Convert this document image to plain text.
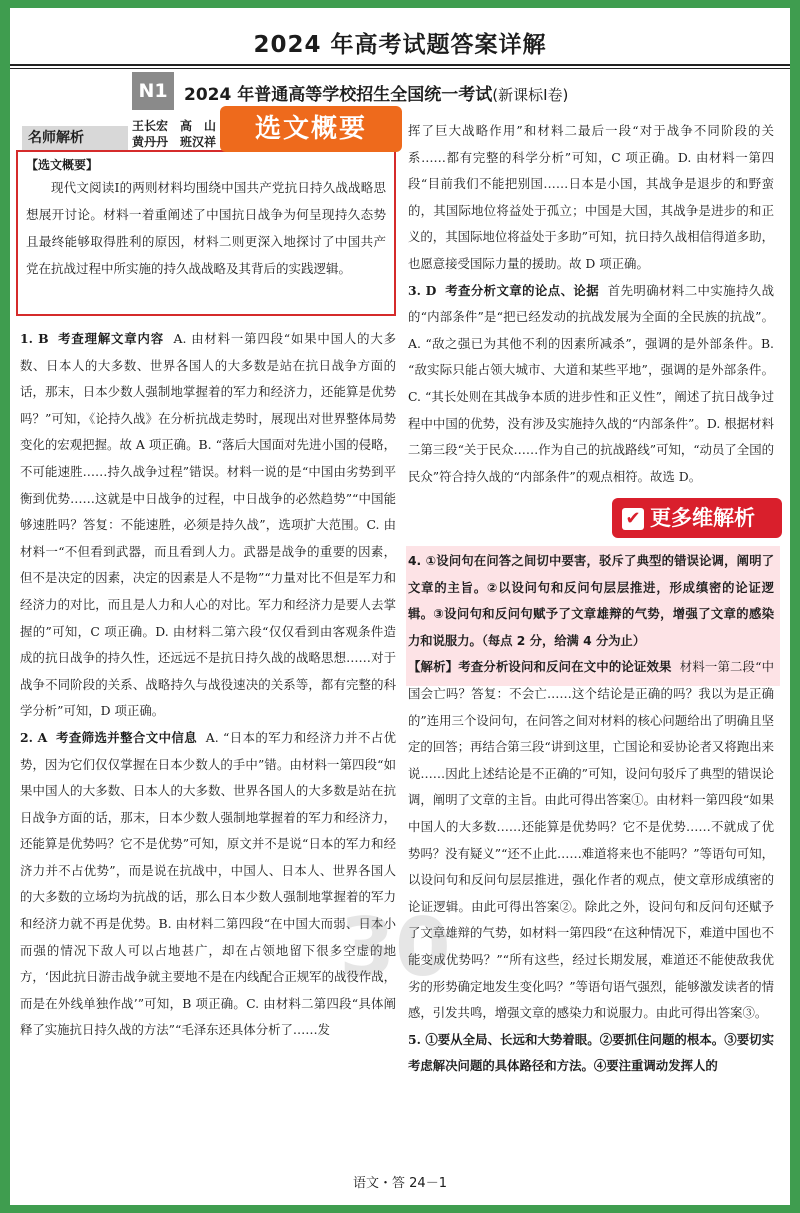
2024 年高考试题答案详解
N1 2024 年普通高等学校招生全国统一考试(新课标Ⅰ卷)
名师解析
王长宏　高　山
黄丹丹　班汉祥
【选文概要】
现代文阅读Ⅰ的两则材料均围绕中国共产党抗日持久战战略思想展开讨论。材料一着重阐述了中国抗日战争为何呈现持久态势且最终能够取得胜利的原因，材料二则更深入地探讨了中国共产党在抗战过程中所实施的持久战战略及其背后的实践逻辑。
选文概要

1. B 考查理解文章内容 A. 由材料一第四段“如果中国人的大多数、日本人的大多数、世界各国人的大多数是站在抗日战争方面的话，那末，日本少数人强制地掌握着的军力和经济力，还能算是优势吗？”可知，《论持久战》在分析抗战走势时，展现出对世界整体局势变化的宏观把握。故 A 项正确。B. “落后大国面对先进小国的侵略，不可能速胜……持久战争过程”错误。材料一说的是“中国由劣势到平衡到优势……这就是中日战争的过程，中日战争的必然趋势”“中国能够速胜吗？答复：不能速胜，必须是持久战”，选项扩大范围。C. 由材料一“不但看到武器，而且看到人力。武器是战争的重要的因素，但不是决定的因素，决定的因素是人不是物”“力量对比不但是军力和经济力的对比，而且是人力和人心的对比。军力和经济力是要人去掌握的”可知，C 项正确。D. 由材料二第六段“仅仅看到由客观条件造成的抗日战争的持久性，还远远不是抗日持久战的战略思想……对于战争不同阶段的关系、战略持久与战役速决的关系等，都有完整的科学分析”可知，D 项正确。

2. A 考查筛选并整合文中信息 A. “日本的军力和经济力并不占优势，因为它们仅仅掌握在日本少数人的手中”错。由材料一第四段“如果中国人的大多数、日本人的大多数、世界各国人的大多数是站在抗日战争方面的话，那末，日本少数人强制地掌握着的军力和经济力，还能算是优势吗？它不是优势”可知，原文并不是说“日本的军力和经济力并不占优势”，而是说在抗战中，中国人、日本人、世界各国人的大多数的立场均为抗战的话，那么日本少数人强制地掌握着的军力和经济力就不再是优势。B. 由材料二第四段“在中国大而弱、日本小而强的情况下敌人可以占地甚广，却在占领地留下很多空虚的地方，‘因此抗日游击战争就主要地不是在内线配合正规军的战役作战，而是在外线单独作战’”可知，B 项正确。C. 由材料二第四段“具体阐释了实施抗日持久战的方法”“毛泽东还具体分析了……发

挥了巨大战略作用”和材料二最后一段“对于战争不同阶段的关系……都有完整的科学分析”可知，C 项正确。D. 由材料一第四段“目前我们不能把别国……日本是小国，其战争是退步的和野蛮的，其国际地位将益处于孤立；中国是大国，其战争是进步的和正义的，其国际地位将益处于多助”可知，抗日持久战相信得道多助，也愿意接受国际力量的援助。故 D 项正确。

3. D 考查分析文章的论点、论据 首先明确材料二中实施持久战的“内部条件”是“把已经发动的抗战发展为全面的全民族的抗战”。A. “敌之强已为其他不利的因素所减杀”，强调的是外部条件。B. “敌实际只能占领大城市、大道和某些平地”，强调的是外部条件。C. “其长处则在其战争本质的进步性和正义性”，阐述了抗日战争过程中中国的优势，没有涉及实施持久战的“内部条件”。D. 根据材料二第三段“关于民众……作为自己的抗战路线”可知，“动员了全国的民众”符合持久战的“内部条件”的观点相符。故选 D。

4. ①设问句在问答之间切中要害，驳斥了典型的错误论调，阐明了文章的主旨。②以设问句和反问句层层推进，形成缜密的论证逻辑。③设问句和反问句赋予了文章雄辩的气势，增强了文章的感染力和说服力。（每点 2 分，给满 4 分为止）

【解析】考查分析设问和反问在文中的论证效果 材料一第二段“中国会亡吗？答复：不会亡……这个结论是正确的吗？我以为是正确的”连用三个设问句，在问答之间对材料的核心问题给出了明确且坚定的回答；再结合第三段“讲到这里，亡国论和妥协论者又将跑出来说……因此上述结论是不正确的”可知，设问句驳斥了典型的错误论调，阐明了文章的主旨。由此可得出答案①。由材料一第四段“如果中国人的大多数……还能算是优势吗？它不是优势……不就成了优势吗？没有疑义”“还不止此……难道将来也不能吗？”等语句可知，以设问句和反问句层层推进，强化作者的观点，使文章形成缜密的论证逻辑。由此可得出答案②。除此之外，设问句和反问句还赋予了文章雄辩的气势，如材料一第四段“在这种情况下，难道中国也不能变成优势吗？”“所有这些，经过长期发展，难道还不能使敌我优劣的形势确定地发生变化吗？”等语句语气强烈，能够激发读者的情感，引发共鸣，增强文章的感染力和说服力。由此可得出答案③。

5. ①要从全局、长远和大势着眼。②要抓住问题的根本。③要切实考虑解决问题的具体路径和方法。④要注重调动发挥人的

✔ 更多维解析
30
语文・答 24－1
